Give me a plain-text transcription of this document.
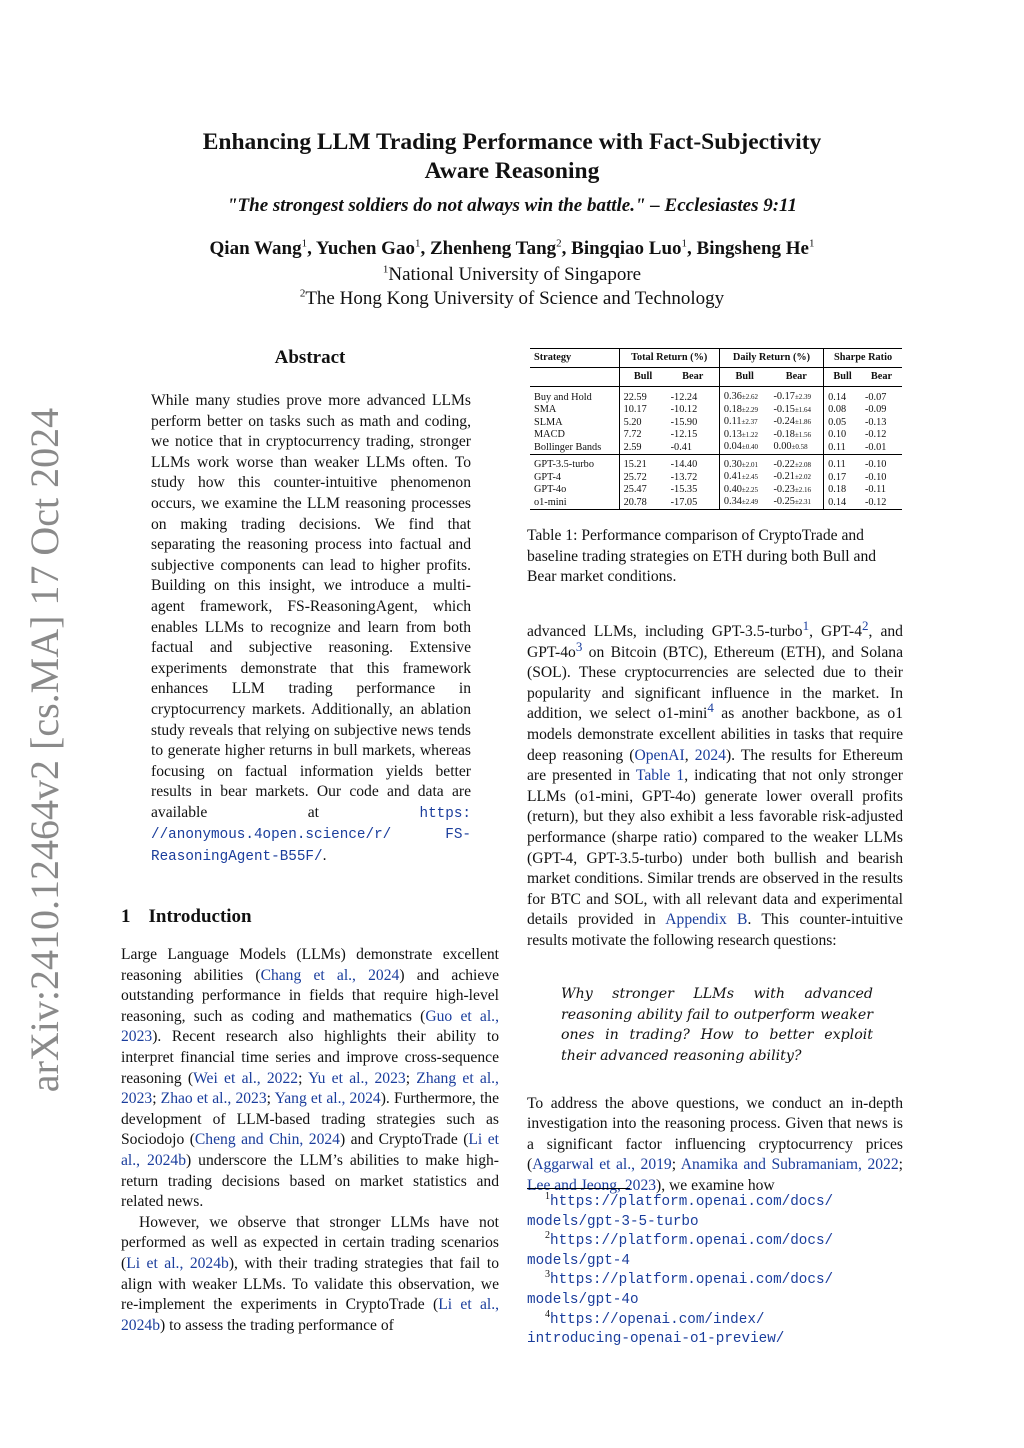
arXiv:2410.12464v2 [cs.MA] 17 Oct 2024
Enhancing LLM Trading Performance with Fact-Subjectivity
Aware Reasoning
"The strongest soldiers do not always win the battle." – Ecclesiastes 9:11
Qian Wang$^1$, Yuchen Gao$^1$, Zhenheng Tang$^2$, Bingqiao Luo$^1$, Bingsheng He$^1$
$^1$National University of Singapore
$^2$The Hong Kong University of Science and Technology
Abstract
While many studies prove more advanced LLMs perform better on tasks such as math and coding, we notice that in cryptocurrency trading, stronger LLMs work worse than weaker LLMs often. To study how this counter-intuitive phenomenon occurs, we examine the LLM reasoning processes on making trading decisions. We find that separating the reasoning process into factual and subjective components can lead to higher profits. Building on this insight, we introduce a multi-agent framework, FS-ReasoningAgent, which enables LLMs to recognize and learn from both factual and subjective reasoning. Extensive experiments demonstrate that this framework enhances LLM trading performance in cryptocurrency markets. Additionally, an ablation study reveals that relying on subjective news tends to generate higher returns in bull markets, whereas focusing on factual information yields better results in bear markets. Our code and data are available at	https: //anonymous.4open.science/r/	FS-ReasoningAgent-B55F/.
1 Introduction

Large Language Models (LLMs) demonstrate excellent reasoning abilities (Chang et al., 2024) and achieve outstanding performance in fields that require high-level reasoning, such as coding and mathematics (Guo et al., 2023). Recent research also highlights their ability to interpret financial time series and improve cross-sequence reasoning (Wei et al., 2022; Yu et al., 2023; Zhang et al., 2023; Zhao et al., 2023; Yang et al., 2024). Furthermore, the development of LLM-based trading strategies such as Sociodojo (Cheng and Chin, 2024) and CryptoTrade (Li et al., 2024b) underscore the LLM’s abilities to make high-return trading decisions based on market statistics and related news.

However, we observe that stronger LLMs have not performed as well as expected in certain trading scenarios (Li et al., 2024b), with their trading strategies that fail to align with weaker LLMs. To validate this observation, we re-implement the experiments in CryptoTrade (Li et al., 2024b) to assess the trading performance of

Strategy	Total Return (%)		Daily Return (%)		Sharpe Ratio	
	Bull	Bear	Bull	Bear	Bull	Bear
Buy and Hold	22.59	-12.24	0.36±2.62	-0.17±2.39	0.14	-0.07
SMA	10.17	-10.12	0.18±2.29	-0.15±1.64	0.08	-0.09
SLMA	5.20	-15.90	0.11±2.37	-0.24±1.86	0.05	-0.13
MACD	7.72	-12.15	0.13±1.22	-0.18±1.56	0.10	-0.12
Bollinger Bands	2.59	-0.41	0.04±0.40	0.00±0.58	0.11	-0.01
GPT-3.5-turbo	15.21	-14.40	0.30±2.01	-0.22±2.08	0.11	-0.10
GPT-4	25.72	-13.72	0.41±2.45	-0.21±2.02	0.17	-0.10
GPT-4o	25.47	-15.35	0.40±2.25	-0.23±2.16	0.18	-0.11
o1-mini	20.78	-17.05	0.34±2.49	-0.25±2.31	0.14	-0.12
Table 1: Performance comparison of CryptoTrade and baseline trading strategies on ETH during both Bull and Bear market conditions.

advanced LLMs, including GPT-3.5-turbo$^1$, GPT-$4^2$, and GPT-$4o^3$ on Bitcoin (BTC), Ethereum (ETH), and Solana (SOL). These cryptocurrencies are selected due to their popularity and significant influence in the market. In addition, we select o1-mini$^4$ as another backbone, as o1 models demonstrate excellent abilities in tasks that require deep reasoning (OpenAI, 2024). The results for Ethereum are presented in Table 1, indicating that not only stronger LLMs (o1-mini, GPT-4o) generate lower overall profits (return), but they also exhibit a less favorable risk-adjusted performance (sharpe ratio) compared to the weaker LLMs (GPT-4, GPT-3.5-turbo) under both bullish and bearish market conditions. Similar trends are observed in the results for BTC and SOL, with all relevant data and experimental details provided in Appendix B. This counter-intuitive results motivate the following research questions:

Why stronger LLMs with advanced reasoning ability fail to outperform weaker ones in trading? How to better exploit their advanced reasoning ability?

To address the above questions, we conduct an in-depth investigation into the reasoning process. Given that news is a significant factor influencing cryptocurrency prices (Aggarwal et al., 2019; Anamika and Subramaniam, 2022; Lee and Jeong, 2023), we examine how

$^1$https://platform.openai.com/docs/
models/gpt-3-5-turbo
$^2$https://platform.openai.com/docs/
models/gpt-4
$^3$https://platform.openai.com/docs/
models/gpt-4o
$^4$https://openai.com/index/
introducing-openai-o1-preview/
